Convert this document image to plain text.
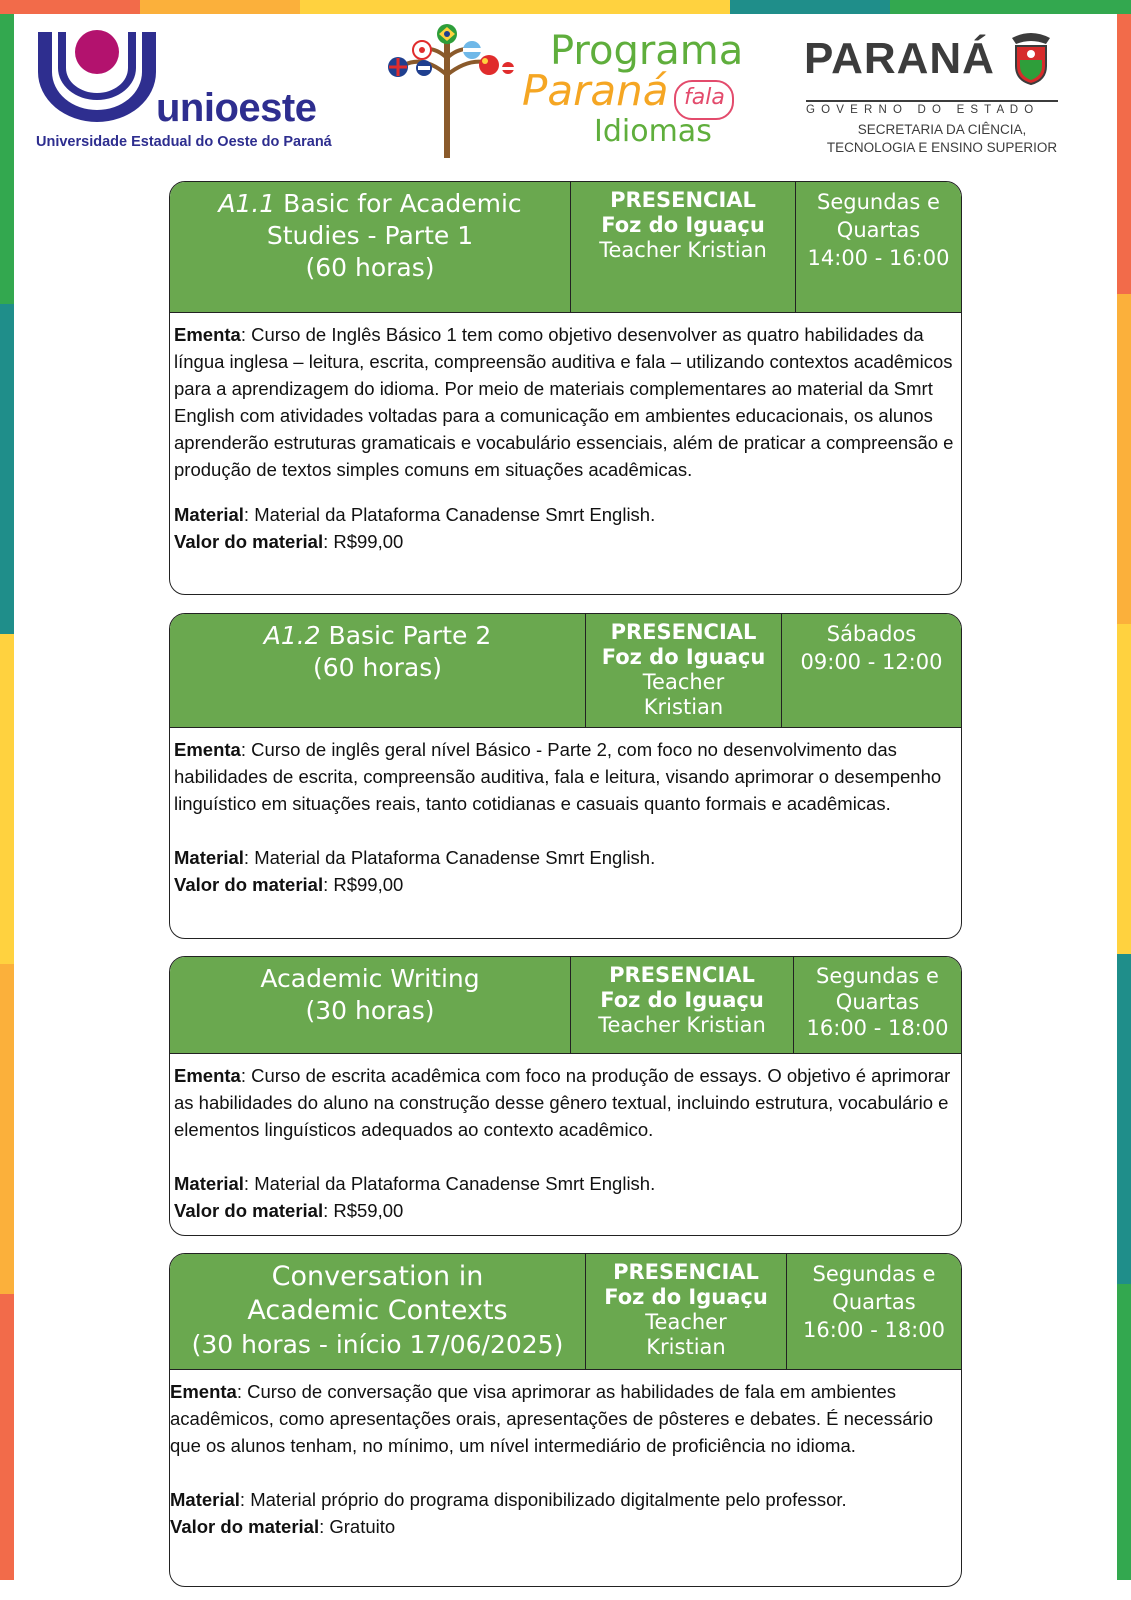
unioeste
Universidade Estadual do Oeste do Paraná
Programa
Paraná fala
Idiomas
PARANÁ
G O V E R N O   D O   E S T A D O
SECRETARIA DA CIÊNCIA,
TECNOLOGIA E ENSINO SUPERIOR
A1.1 Basic for Academic Studies - Parte 1
(60 horas)
PRESENCIAL
Foz do Iguaçu
Teacher Kristian
Segundas e Quartas
14:00 - 16:00

Ementa: Curso de Inglês Básico 1 tem como objetivo desenvolver as quatro habilidades da língua inglesa – leitura, escrita, compreensão auditiva e fala – utilizando contextos acadêmicos para a aprendizagem do idioma. Por meio de materiais complementares ao material da Smrt English com atividades voltadas para a comunicação em ambientes educacionais, os alunos aprenderão estruturas gramaticais e vocabulário essenciais, além de praticar a compreensão e produção de textos simples comuns em situações acadêmicas.

Material: Material da Plataforma Canadense Smrt English.

Valor do material: R$99,00

A1.2 Basic Parte 2
(60 horas)
PRESENCIAL
Foz do Iguaçu
Teacher Kristian
Sábados
09:00 - 12:00

Ementa: Curso de inglês geral nível Básico - Parte 2, com foco no desenvolvimento das habilidades de escrita, compreensão auditiva, fala e leitura, visando aprimorar o desempenho linguístico em situações reais, tanto cotidianas e casuais quanto formais e acadêmicas.

Material: Material da Plataforma Canadense Smrt English.

Valor do material: R$99,00

Academic Writing
(30 horas)
PRESENCIAL
Foz do Iguaçu
Teacher Kristian
Segundas e Quartas
16:00 - 18:00

Ementa: Curso de escrita acadêmica com foco na produção de essays. O objetivo é aprimorar as habilidades do aluno na construção desse gênero textual, incluindo estrutura, vocabulário e elementos linguísticos adequados ao contexto acadêmico.

Material: Material da Plataforma Canadense Smrt English.

Valor do material: R$59,00

Conversation in Academic Contexts
(30 horas - início 17/06/2025)
PRESENCIAL
Foz do Iguaçu
Teacher Kristian
Segundas e Quartas
16:00 - 18:00

Ementa: Curso de conversação que visa aprimorar as habilidades de fala em ambientes acadêmicos, como apresentações orais, apresentações de pôsteres e debates. É necessário que os alunos tenham, no mínimo, um nível intermediário de proficiência no idioma.

Material: Material próprio do programa disponibilizado digitalmente pelo professor.

Valor do material: Gratuito
